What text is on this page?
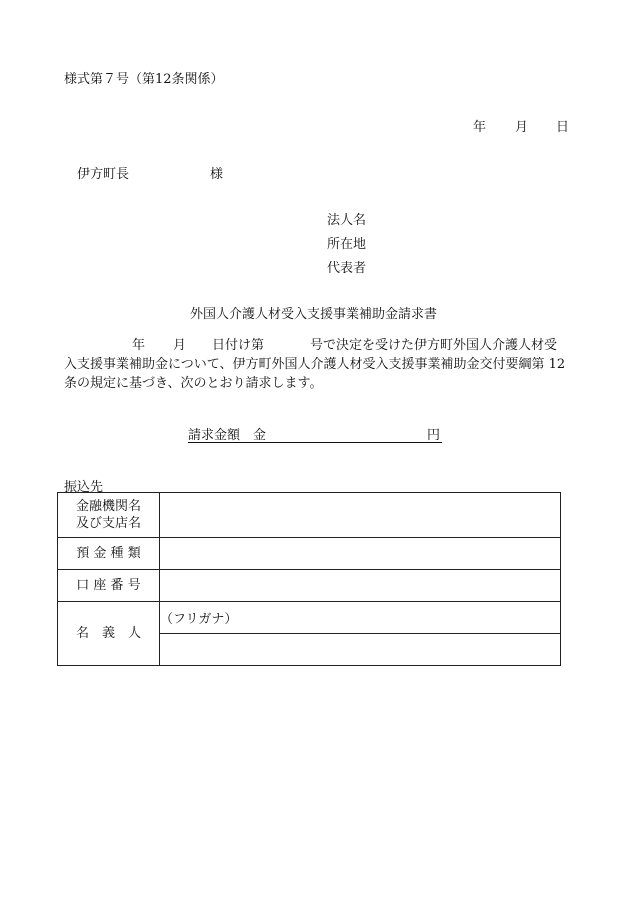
様式第７号（第12条関係）
年 月 日
伊方町長	様
法人名
所在地
代表者
外国人介護人材受入支援事業補助金請求書
年 月 日付け第	号で決定を受けた伊方町外国人介護人材受
入支援事業補助金について、伊方町外国人介護人材受入支援事業補助金交付要綱第 12
条の規定に基づき、次のとおり請求します。
請求金額　金	円
振込先
金融機関名
及び支店名	

預 金 種 類	
口 座 番 号	
名　義　人	（フリガナ）
